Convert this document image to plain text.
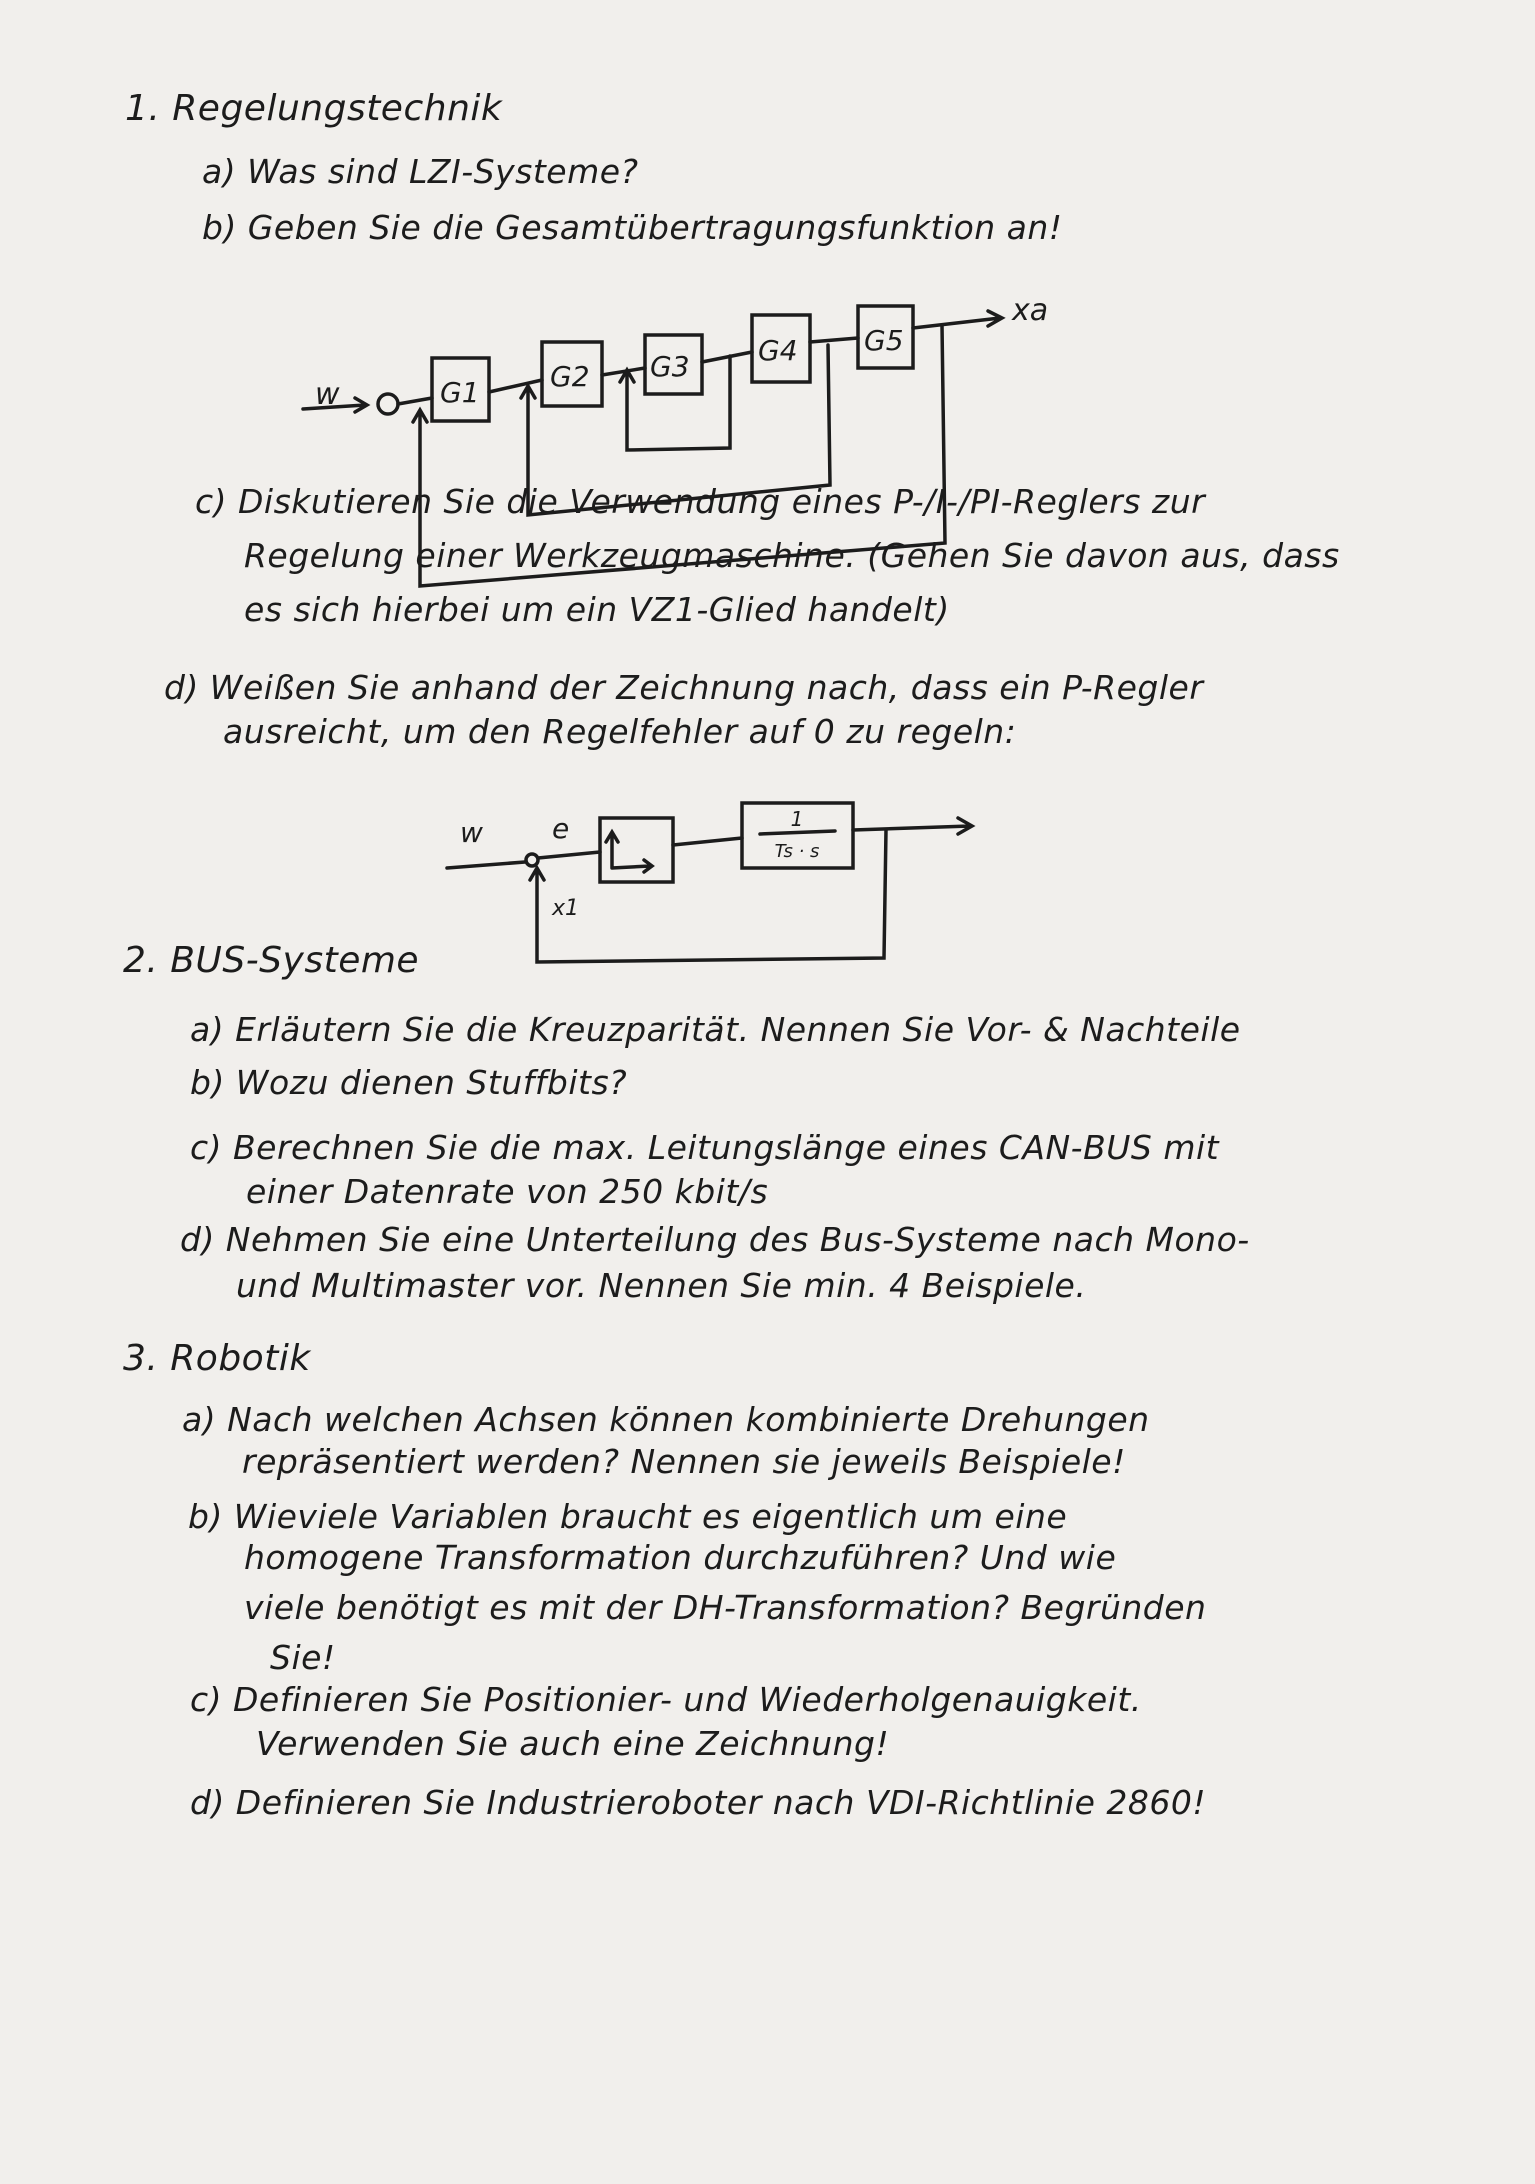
1. Regelungstechnik
a) Was sind LZI-Systeme?
b) Geben Sie die Gesamtübertragungsfunktion an!
c) Diskutieren Sie die Verwendung eines P-/I-/PI-Reglers zur
Regelung einer Werkzeugmaschine. (Gehen Sie davon aus, dass
es sich hierbei um ein VZ1-Glied handelt)
d) Weißen Sie anhand der Zeichnung nach, dass ein P-Regler
ausreicht, um den Regelfehler auf 0 zu regeln:
2. BUS-Systeme
a) Erläutern Sie die Kreuzparität. Nennen Sie Vor- & Nachteile
b) Wozu dienen Stuffbits?
c) Berechnen Sie die max. Leitungslänge eines CAN-BUS mit
einer Datenrate von 250 kbit/s
d) Nehmen Sie eine Unterteilung des Bus-Systeme nach Mono-
und Multimaster vor. Nennen Sie min. 4 Beispiele.
3. Robotik
a) Nach welchen Achsen können kombinierte Drehungen
repräsentiert werden? Nennen sie jeweils Beispiele!
b) Wieviele Variablen braucht es eigentlich um eine
homogene Transformation durchzuführen? Und wie
viele benötigt es mit der DH-Transformation? Begründen
Sie!
c) Definieren Sie Positionier- und Wiederholgenauigkeit.
Verwenden Sie auch eine Zeichnung!
d) Definieren Sie Industrieroboter nach VDI-Richtlinie 2860!
w
xa
G1	G2 G3 G4 G5
w e
x1
1
Ts · s
